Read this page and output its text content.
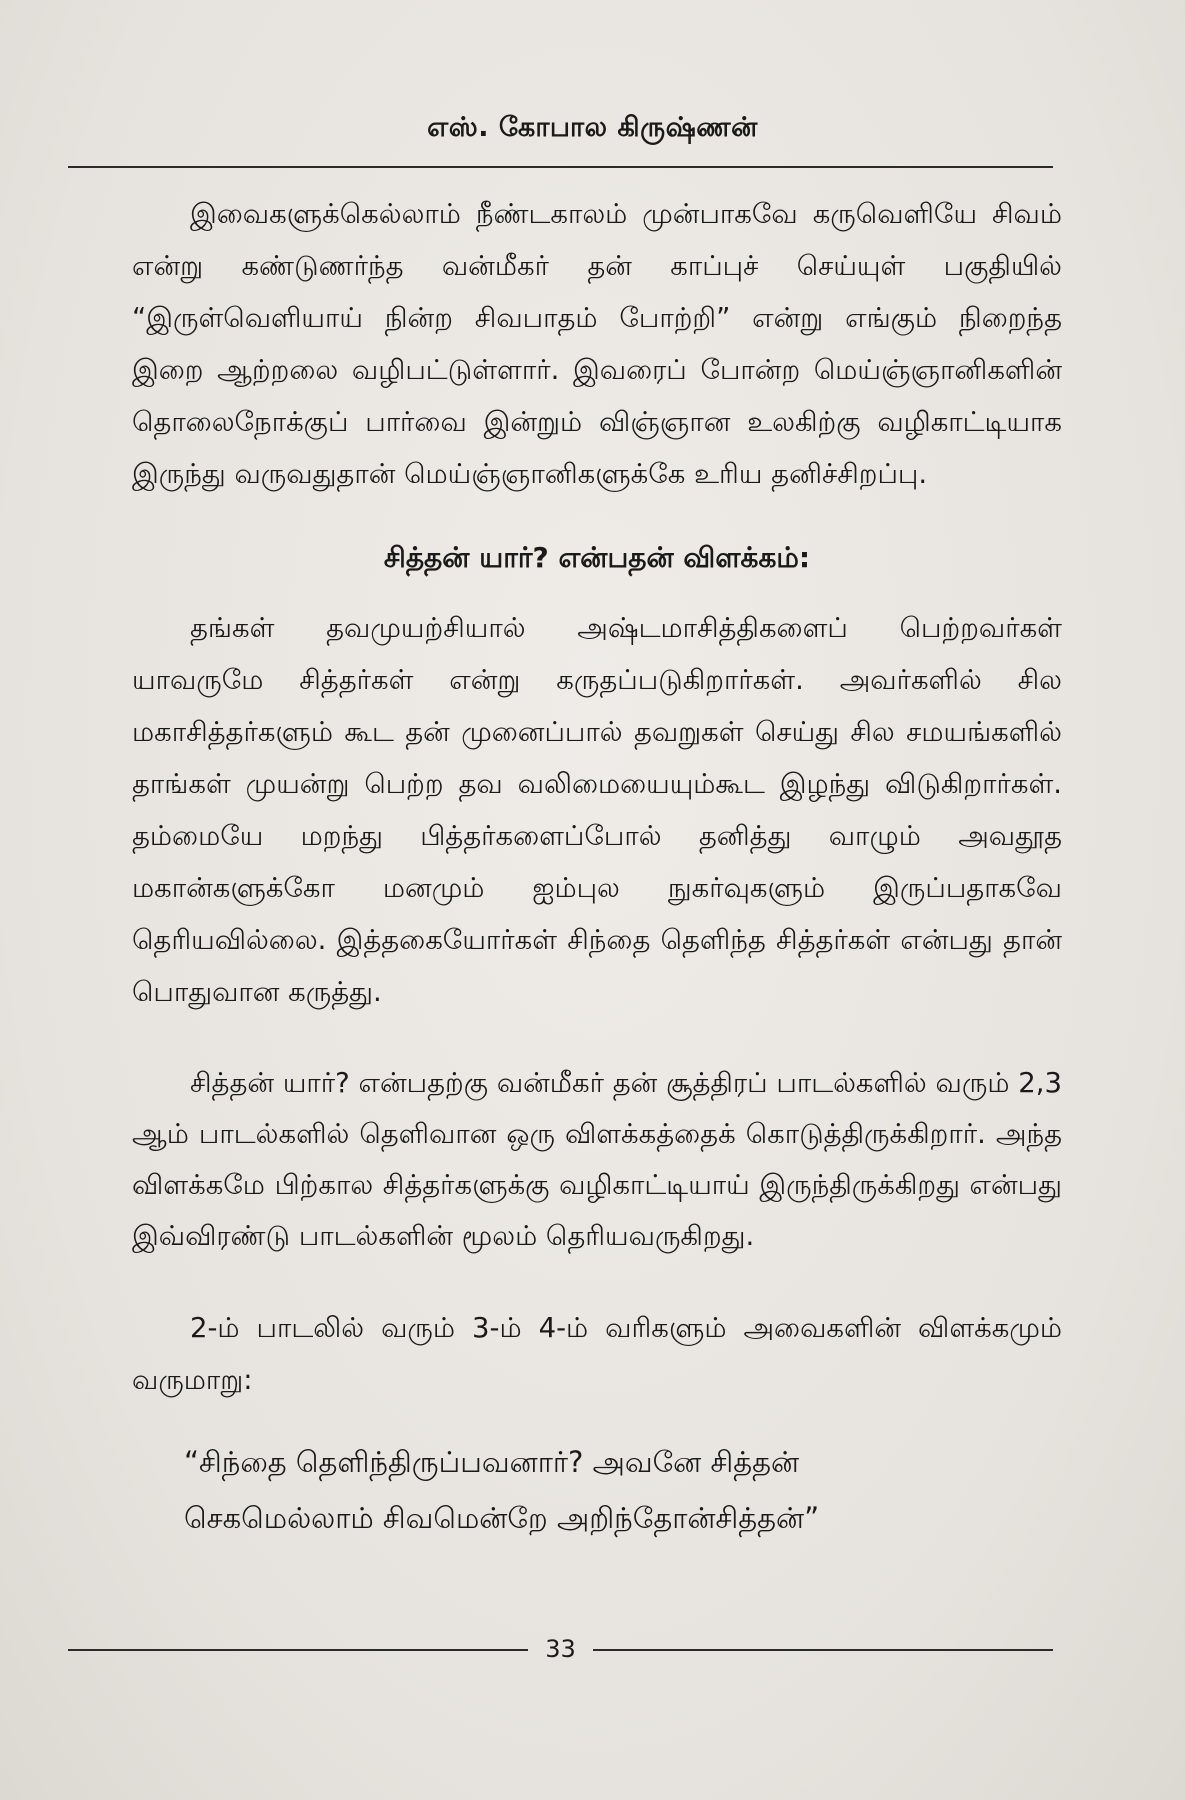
எஸ். கோபால கிருஷ்ணன்

இவைகளுக்கெல்லாம் நீண்டகாலம் முன்பாகவே கருவெளியே சிவம் என்று கண்டுணர்ந்த வன்மீகர் தன் காப்புச் செய்யுள் பகுதியில் “இருள்வெளியாய் நின்ற சிவபாதம் போற்றி” என்று எங்கும் நிறைந்த இறை ஆற்றலை வழிபட்டுள்ளார். இவரைப் போன்ற மெய்ஞ்ஞானிகளின் தொலைநோக்குப் பார்வை இன்றும் விஞ்ஞான உலகிற்கு வழிகாட்டியாக இருந்து வருவதுதான் மெய்ஞ்ஞானிகளுக்கே உரிய தனிச்சிறப்பு.

சித்தன் யார்? என்பதன் விளக்கம்:

தங்கள் தவமுயற்சியால் அஷ்டமாசித்திகளைப் பெற்றவர்கள் யாவருமே சித்தர்கள் என்று கருதப்படுகிறார்கள். அவர்களில் சில மகாசித்தர்களும் கூட தன் முனைப்பால் தவறுகள் செய்து சில சமயங்களில் தாங்கள் முயன்று பெற்ற தவ வலிமையையும்கூட இழந்து விடுகிறார்கள். தம்மையே மறந்து பித்தர்களைப்போல் தனித்து வாழும் அவதூத மகான்களுக்கோ மனமும் ஐம்புல நுகர்வுகளும் இருப்பதாகவே தெரியவில்லை. இத்தகையோர்கள் சிந்தை தெளிந்த சித்தர்கள் என்பது தான் பொதுவான கருத்து.

சித்தன் யார்? என்பதற்கு வன்மீகர் தன் சூத்திரப் பாடல்களில் வரும் 2,3 ஆம் பாடல்களில் தெளிவான ஒரு விளக்கத்தைக் கொடுத்திருக்கிறார். அந்த விளக்கமே பிற்கால சித்தர்களுக்கு வழிகாட்டியாய் இருந்திருக்கிறது என்பது இவ்விரண்டு பாடல்களின் மூலம் தெரியவருகிறது.

2-ம் பாடலில் வரும் 3-ம் 4-ம் வரிகளும் அவைகளின் விளக்கமும் வருமாறு:

“சிந்தை தெளிந்திருப்பவனார்? அவனே சித்தன்
செகமெல்லாம் சிவமென்றே அறிந்தோன்சித்தன்”
33
